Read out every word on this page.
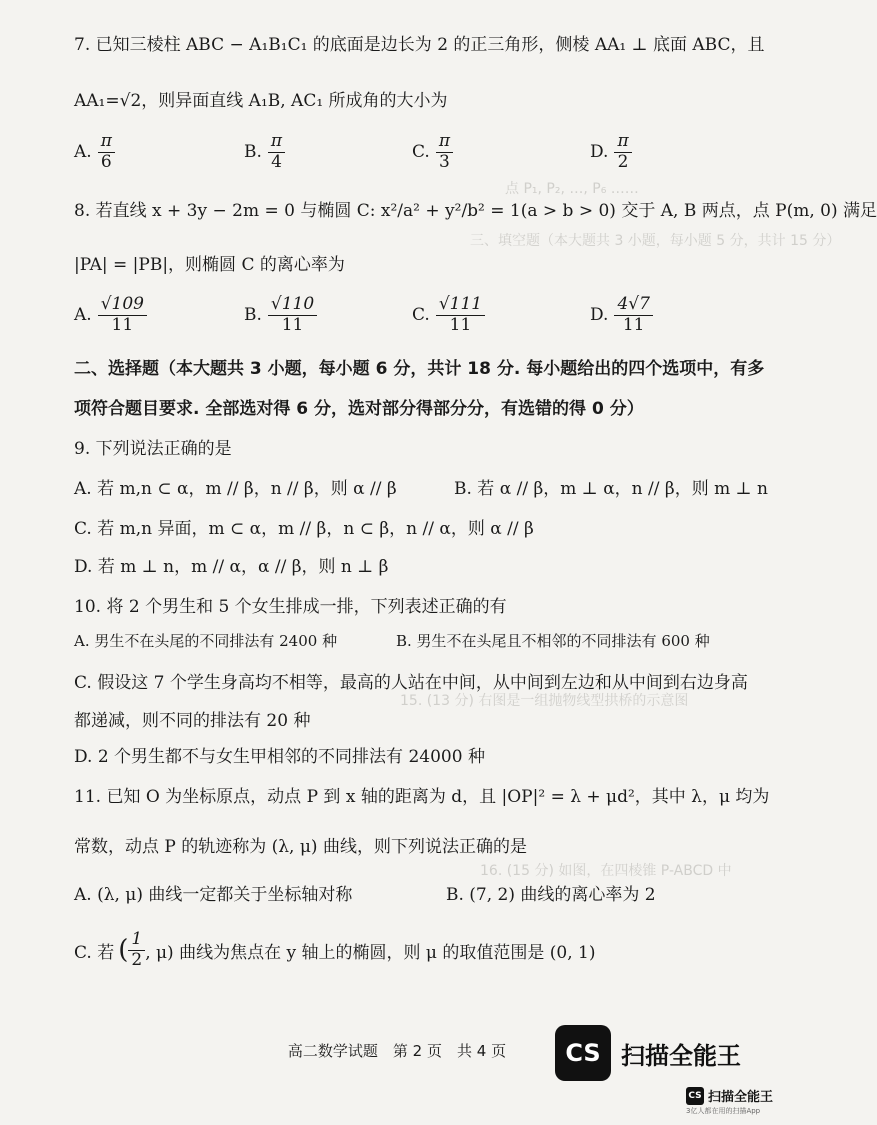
点 P₁, P₂, …, P₆ ……
三、填空题（本大题共 3 小题，每小题 5 分，共计 15 分）
15. (13 分) 右图是一组抛物线型拱桥的示意图
16. (15 分) 如图，在四棱锥 P-ABCD 中
7. 已知三棱柱 ABC − A₁B₁C₁ 的底面是边长为 2 的正三角形，侧棱 AA₁ ⊥ 底面 ABC，且
AA₁=√2，则异面直线 A₁B, AC₁ 所成角的大小为
A. $\frac{\pi}{6}$	B. $\frac{\pi}{4}$	C. $\frac{\pi}{3}$	D. $\frac{\pi}{2}$
8. 若直线 x + 3y − 2m = 0 与椭圆 C: x²/a² + y²/b² = 1(a > b > 0) 交于 A, B 两点，点 P(m, 0) 满足
|PA| = |PB|，则椭圆 C 的离心率为
A. $\frac{√109}{11}$	B. $\frac{√110}{11}$	C. $\frac{√111}{11}$	D. $\frac{4√7}{11}$
二、选择题（本大题共 3 小题，每小题 6 分，共计 18 分. 每小题给出的四个选项中，有多
项符合题目要求. 全部选对得 6 分，选对部分得部分分，有选错的得 0 分）
9. 下列说法正确的是
A. 若 m,n ⊂ α，m // β，n // β，则 α // β	B. 若 α // β，m ⊥ α，n // β，则 m ⊥ n
C. 若 m,n 异面，m ⊂ α，m // β，n ⊂ β，n // α，则 α // β
D. 若 m ⊥ n，m // α，α // β，则 n ⊥ β
10. 将 2 个男生和 5 个女生排成一排，下列表述正确的有
A. 男生不在头尾的不同排法有 2400 种	B. 男生不在头尾且不相邻的不同排法有 600 种
C. 假设这 7 个学生身高均不相等，最高的人站在中间，从中间到左边和从中间到右边身高
都递减，则不同的排法有 20 种
D. 2 个男生都不与女生甲相邻的不同排法有 24000 种
11. 已知 O 为坐标原点，动点 P 到 x 轴的距离为 d，且 |OP|² = λ + μd²，其中 λ，μ 均为
常数，动点 P 的轨迹称为 (λ, μ) 曲线，则下列说法正确的是
A. (λ, μ) 曲线一定都关于坐标轴对称	B. (7, 2) 曲线的离心率为 2
C. 若 ( $\frac{1}{2}$ , μ) 曲线为焦点在 y 轴上的椭圆，则 μ 的取值范围是 (0, 1)
高二数学试题　第 2 页　共 4 页	CS 扫描全能王
CS 扫描全能王
3亿人都在用的扫描App
